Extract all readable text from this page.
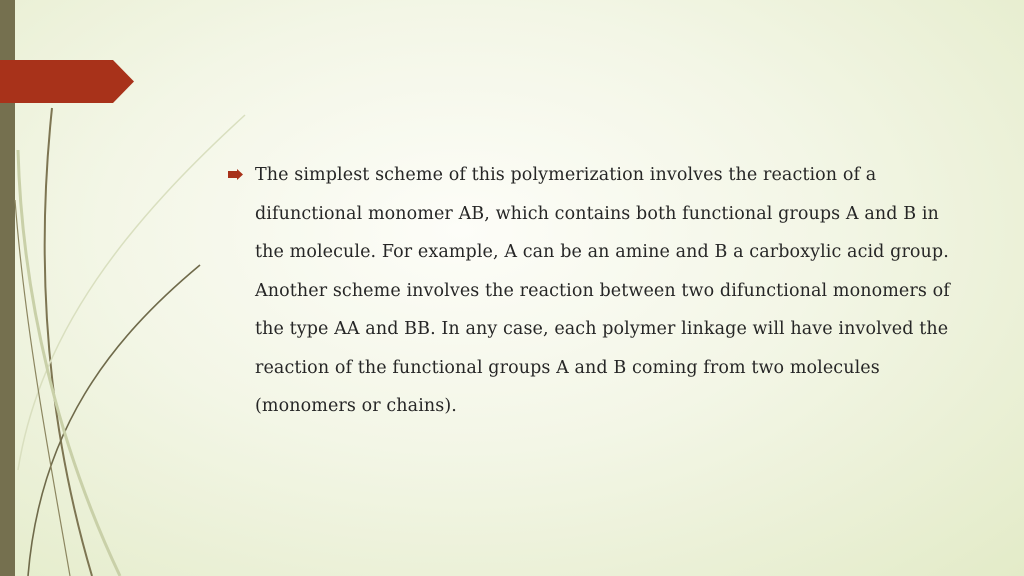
The simplest scheme of this polymerization involves the reaction of a difunctional monomer AB, which contains both functional groups A and B in the molecule. For example, A can be an amine and B a carboxylic acid group. Another scheme involves the reaction between two difunctional monomers of the type AA and BB. In any case, each polymer linkage will have involved the reaction of the functional groups A and B coming from two molecules (monomers or chains).
